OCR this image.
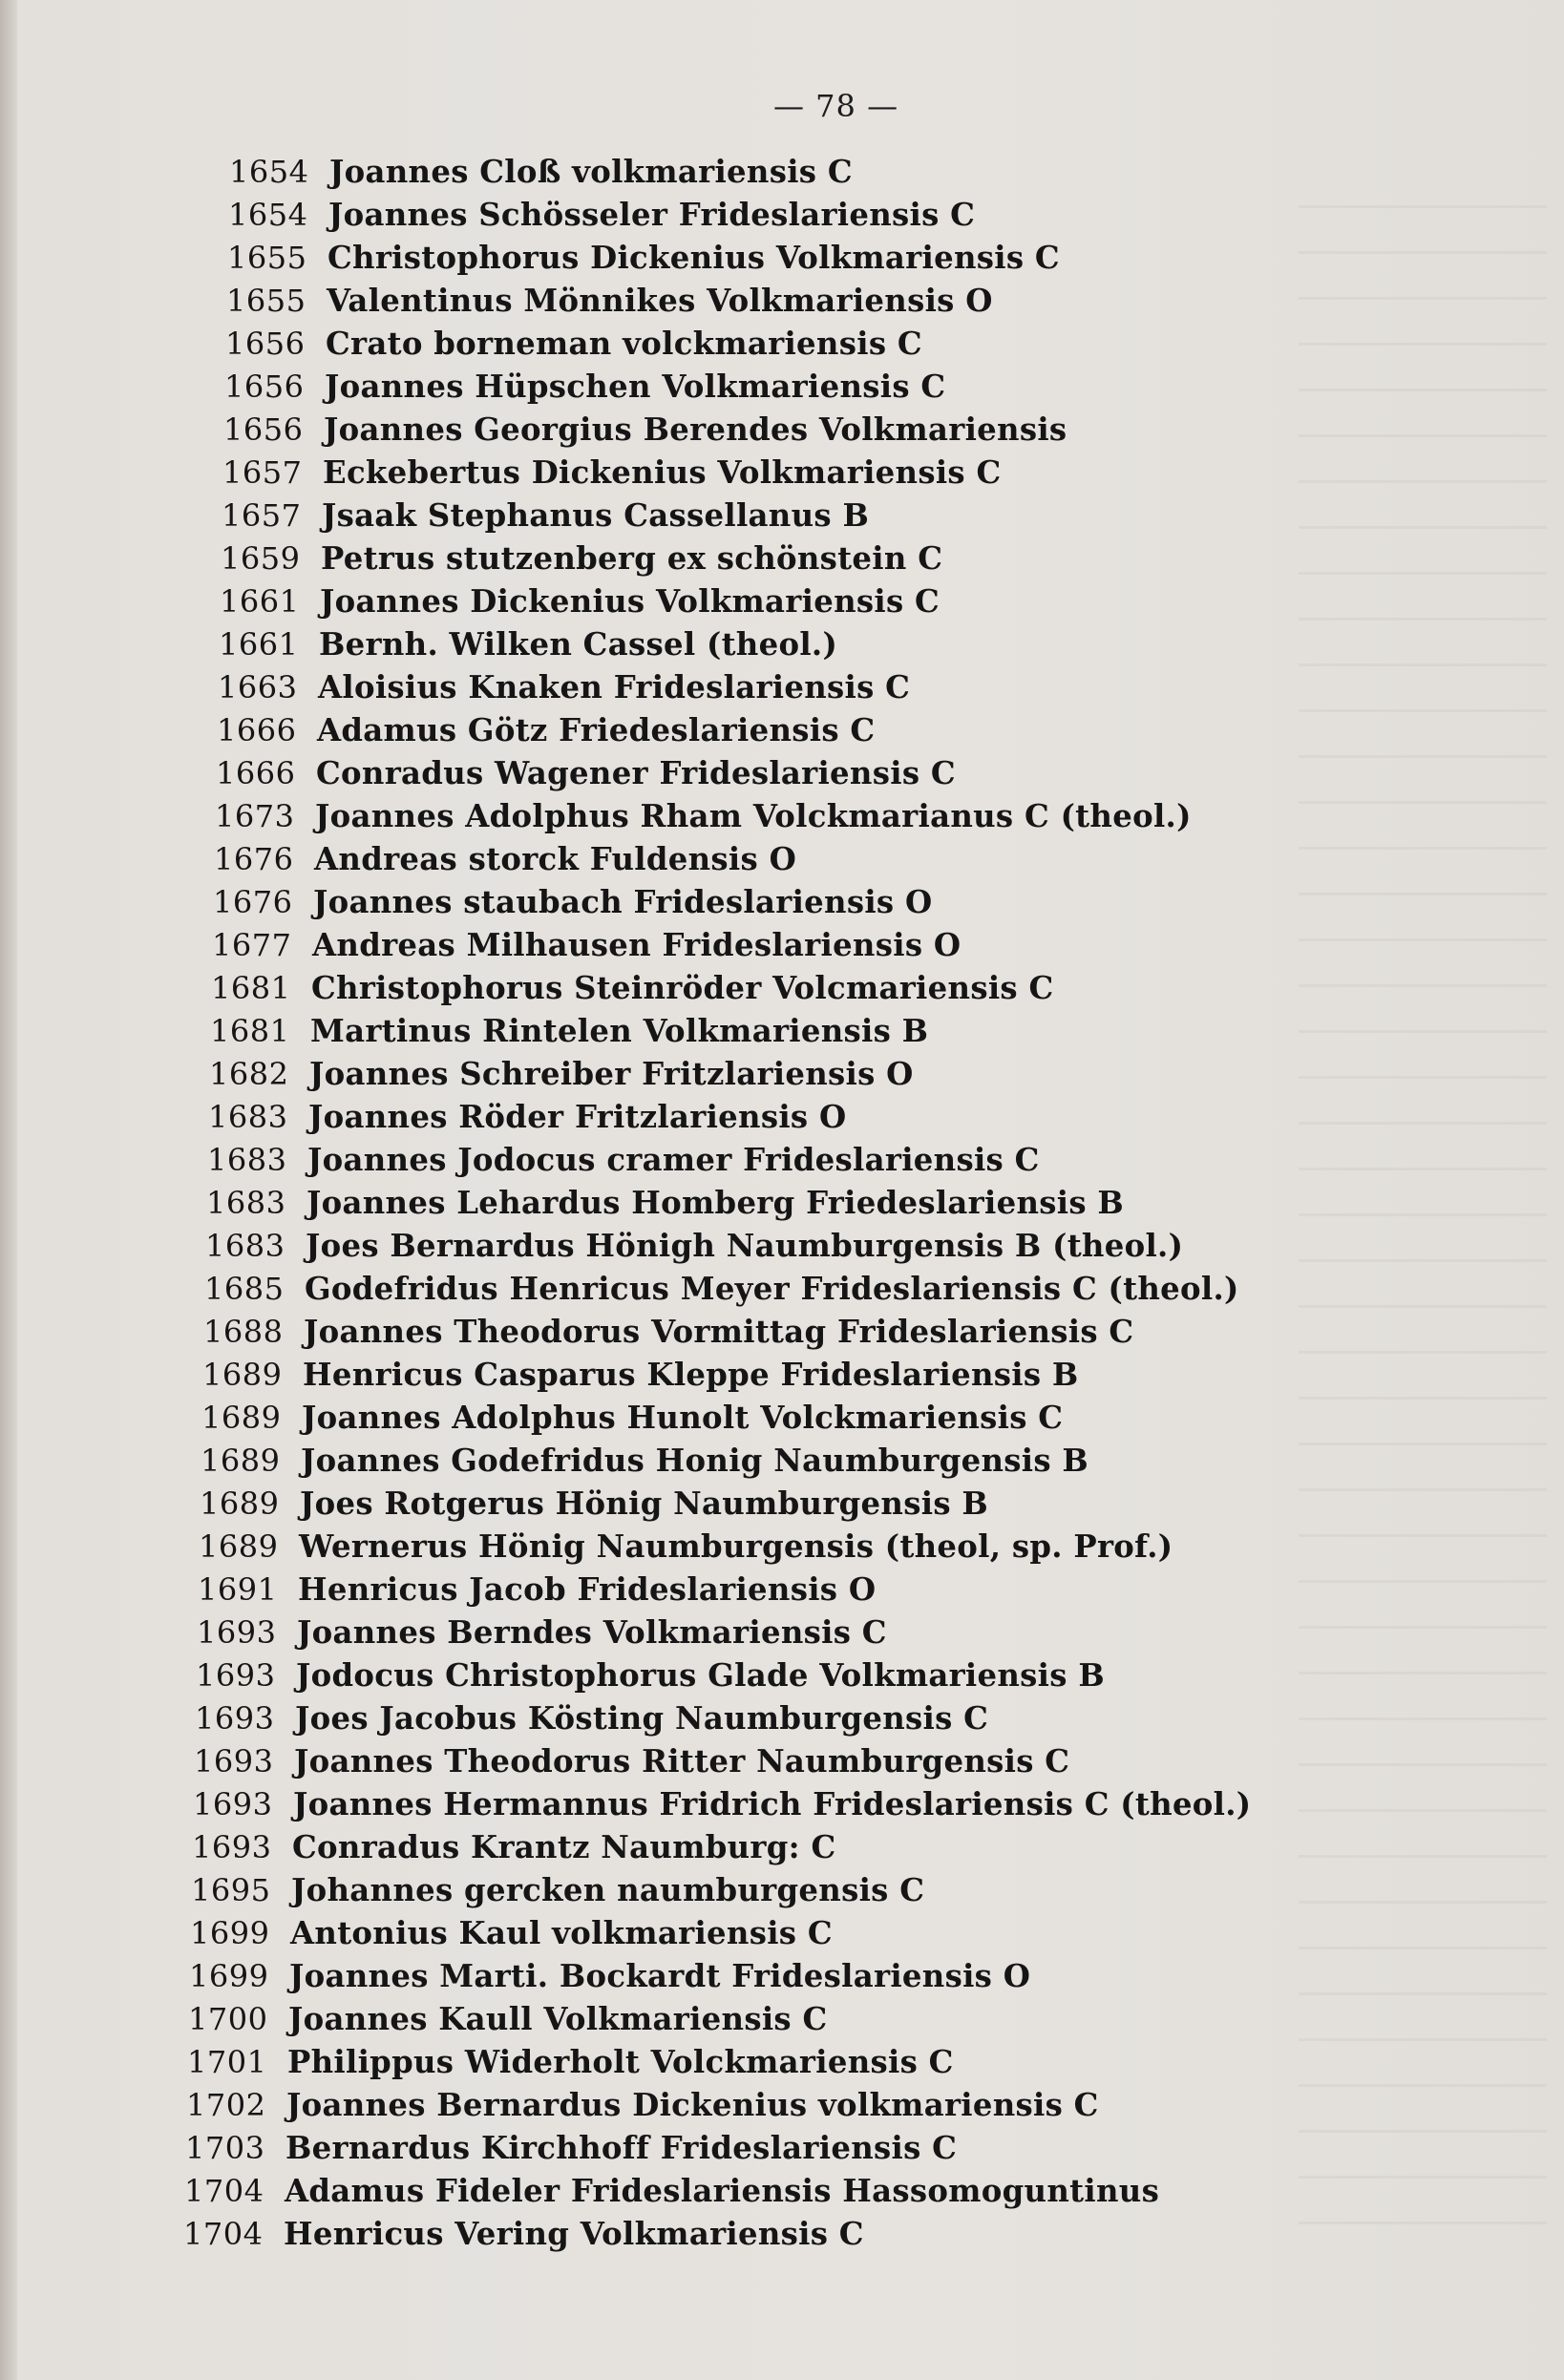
— 78 —
1654 Joannes Cloß volkmariensis C
1654 Joannes Schösseler Frideslariensis C
1655 Christophorus Dickenius Volkmariensis C
1655 Valentinus Mönnikes Volkmariensis O
1656 Crato borneman volckmariensis C
1656 Joannes Hüpschen Volkmariensis C
1656 Joannes Georgius Berendes Volkmariensis
1657 Eckebertus Dickenius Volkmariensis C
1657 Jsaak Stephanus Cassellanus B
1659 Petrus stutzenberg ex schönstein C
1661 Joannes Dickenius Volkmariensis C
1661 Bernh. Wilken Cassel (theol.)
1663 Aloisius Knaken Frideslariensis C
1666 Adamus Götz Friedeslariensis C
1666 Conradus Wagener Frideslariensis C
1673 Joannes Adolphus Rham Volckmarianus C (theol.)
1676 Andreas storck Fuldensis O
1676 Joannes staubach Frideslariensis O
1677 Andreas Milhausen Frideslariensis O
1681 Christophorus Steinröder Volcmariensis C
1681 Martinus Rintelen Volkmariensis B
1682 Joannes Schreiber Fritzlariensis O
1683 Joannes Röder Fritzlariensis O
1683 Joannes Jodocus cramer Frideslariensis C
1683 Joannes Lehardus Homberg Friedeslariensis B
1683 Joes Bernardus Hönigh Naumburgensis B (theol.)
1685 Godefridus Henricus Meyer Frideslariensis C (theol.)
1688 Joannes Theodorus Vormittag Frideslariensis C
1689 Henricus Casparus Kleppe Frideslariensis B
1689 Joannes Adolphus Hunolt Volckmariensis C
1689 Joannes Godefridus Honig Naumburgensis B
1689 Joes Rotgerus Hönig Naumburgensis B
1689 Wernerus Hönig Naumburgensis (theol, sp. Prof.)
1691 Henricus Jacob Frideslariensis O
1693 Joannes Berndes Volkmariensis C
1693 Jodocus Christophorus Glade Volkmariensis B
1693 Joes Jacobus Kösting Naumburgensis C
1693 Joannes Theodorus Ritter Naumburgensis C
1693 Joannes Hermannus Fridrich Frideslariensis C (theol.)
1693 Conradus Krantz Naumburg: C
1695 Johannes gercken naumburgensis C
1699 Antonius Kaul volkmariensis C
1699 Joannes Marti. Bockardt Frideslariensis O
1700 Joannes Kaull Volkmariensis C
1701 Philippus Widerholt Volckmariensis C
1702 Joannes Bernardus Dickenius volkmariensis C
1703 Bernardus Kirchhoff Frideslariensis C
1704 Adamus Fideler Frideslariensis Hassomoguntinus
1704 Henricus Vering Volkmariensis C
